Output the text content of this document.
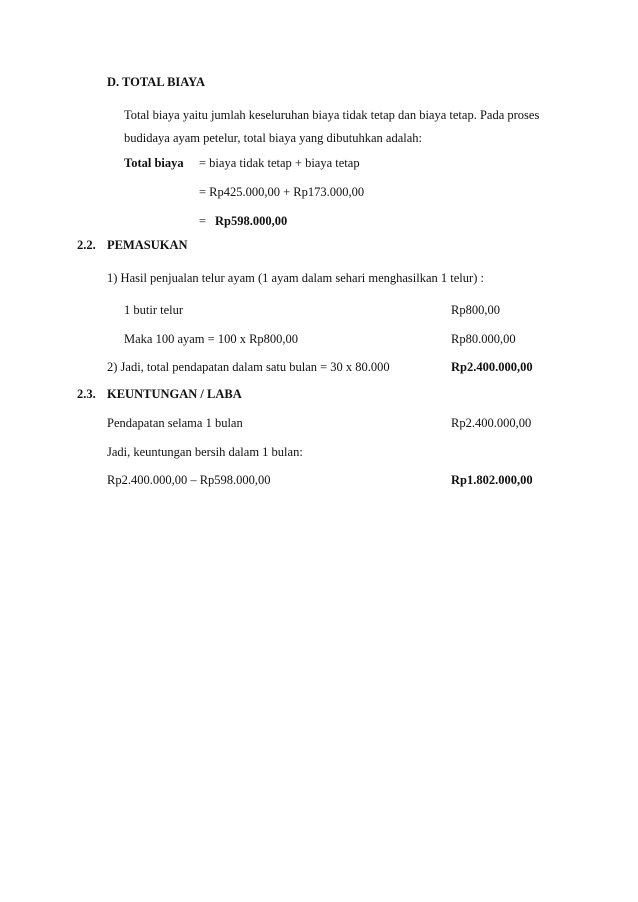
D. TOTAL BIAYA
Total biaya yaitu jumlah keseluruhan biaya tidak tetap dan biaya tetap. Pada proses
budidaya ayam petelur, total biaya yang dibutuhkan adalah:
Total biaya = biaya tidak tetap + biaya tetap
= Rp425.000,00 + Rp173.000,00
= Rp598.000,00
2.2. PEMASUKAN
1) Hasil penjualan telur ayam (1 ayam dalam sehari menghasilkan 1 telur) :
1 butir telur	Rp800,00
Maka 100 ayam = 100 x Rp800,00	Rp80.000,00
2) Jadi, total pendapatan dalam satu bulan = 30 x 80.000	Rp2.400.000,00
2.3. KEUNTUNGAN / LABA
Pendapatan selama 1 bulan	Rp2.400.000,00
Jadi, keuntungan bersih dalam 1 bulan:
Rp2.400.000,00 – Rp598.000,00	Rp1.802.000,00
